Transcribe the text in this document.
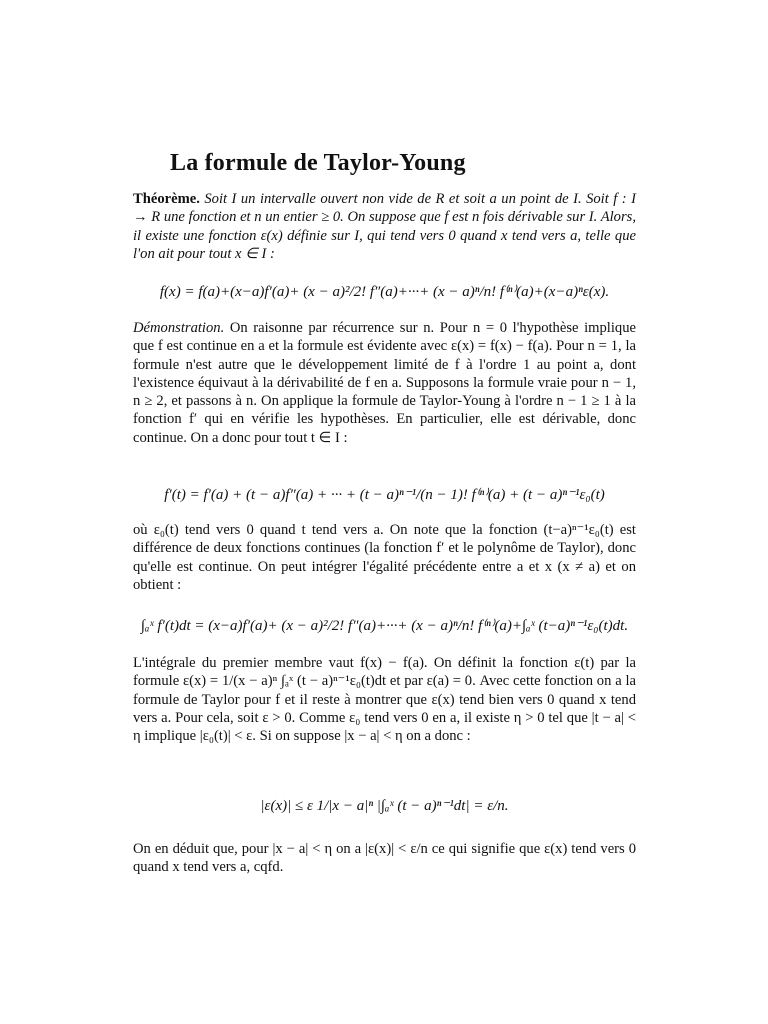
La formule de Taylor-Young
Théorème. Soit I un intervalle ouvert non vide de R et soit a un point de I. Soit f : I → R une fonction et n un entier ≥ 0. On suppose que f est n fois dérivable sur I. Alors, il existe une fonction ε(x) définie sur I, qui tend vers 0 quand x tend vers a, telle que l'on ait pour tout x ∈ I :
f(x) = f(a)+(x−a)f′(a)+ (x − a)²/2! f″(a)+···+ (x − a)ⁿ/n! f⁽ⁿ⁾(a)+(x−a)ⁿε(x).
Démonstration. On raisonne par récurrence sur n. Pour n = 0 l'hypothèse implique que f est continue en a et la formule est évidente avec ε(x) = f(x) − f(a). Pour n = 1, la formule n'est autre que le développement limité de f à l'ordre 1 au point a, dont l'existence équivaut à la dérivabilité de f en a. Supposons la formule vraie pour n − 1, n ≥ 2, et passons à n. On applique la formule de Taylor-Young à l'ordre n − 1 ≥ 1 à la fonction f′ qui en vérifie les hypothèses. En particulier, elle est dérivable, donc continue. On a donc pour tout t ∈ I :
f′(t) = f′(a) + (t − a)f″(a) + ··· + (t − a)ⁿ⁻¹/(n − 1)! f⁽ⁿ⁾(a) + (t − a)ⁿ⁻¹ε₀(t)
où ε₀(t) tend vers 0 quand t tend vers a. On note que la fonction (t−a)ⁿ⁻¹ε₀(t) est différence de deux fonctions continues (la fonction f′ et le polynôme de Taylor), donc qu'elle est continue. On peut intégrer l'égalité précédente entre a et x (x ≠ a) et on obtient :
∫ₐˣ f′(t)dt = (x−a)f′(a)+ (x − a)²/2! f″(a)+···+ (x − a)ⁿ/n! f⁽ⁿ⁾(a)+∫ₐˣ (t−a)ⁿ⁻¹ε₀(t)dt.
L'intégrale du premier membre vaut f(x) − f(a). On définit la fonction ε(t) par la formule ε(x) = 1/(x − a)ⁿ ∫ₐˣ (t − a)ⁿ⁻¹ε₀(t)dt et par ε(a) = 0. Avec cette fonction on a la formule de Taylor pour f et il reste à montrer que ε(x) tend bien vers 0 quand x tend vers a. Pour cela, soit ε > 0. Comme ε₀ tend vers 0 en a, il existe η > 0 tel que |t − a| < η implique |ε₀(t)| < ε. Si on suppose |x − a| < η on a donc :
|ε(x)| ≤ ε 1/|x − a|ⁿ |∫ₐˣ (t − a)ⁿ⁻¹dt| = ε/n.
On en déduit que, pour |x − a| < η on a |ε(x)| < ε/n ce qui signifie que ε(x) tend vers 0 quand x tend vers a, cqfd.
